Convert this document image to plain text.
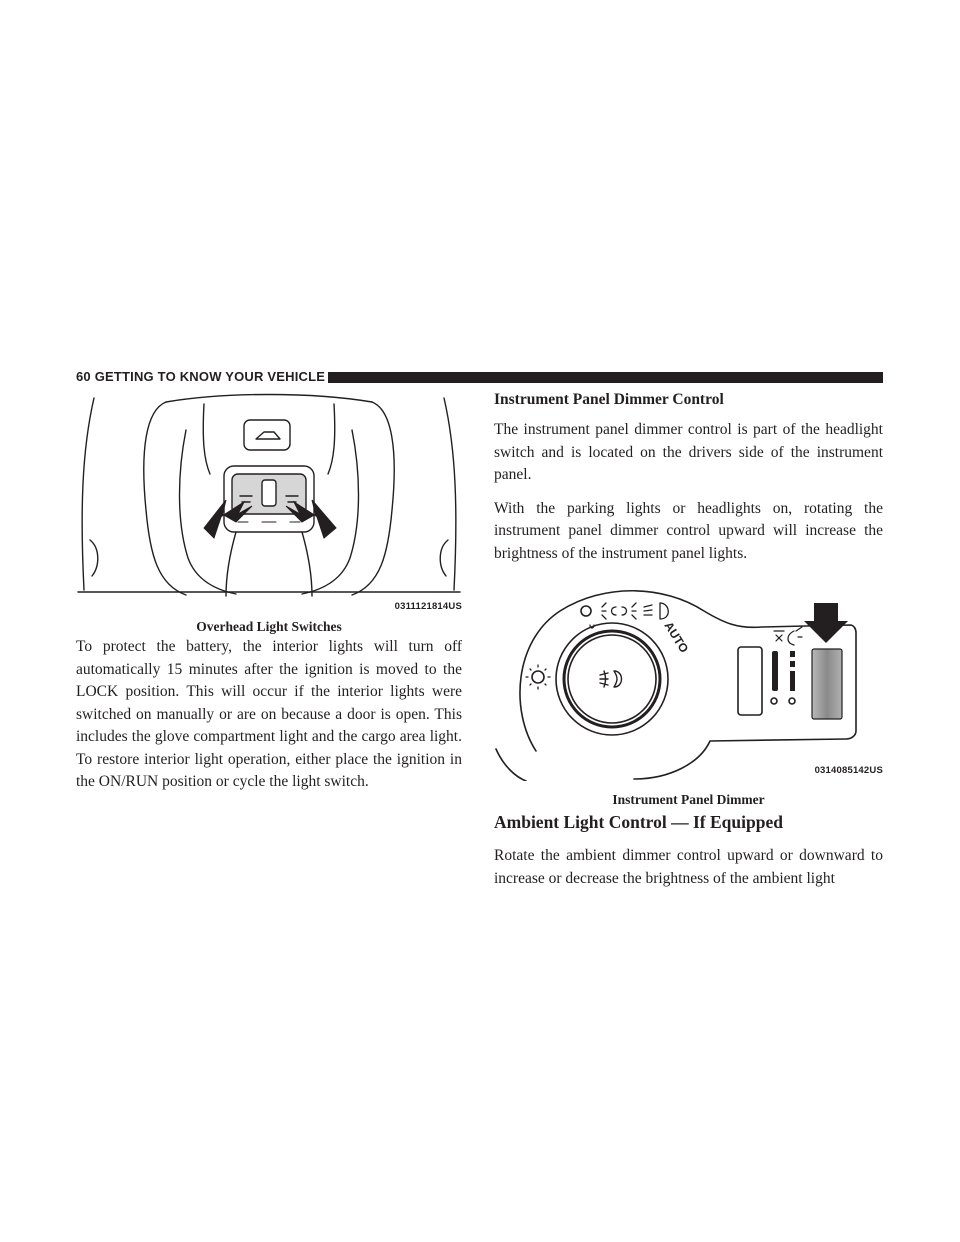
60 GETTING TO KNOW YOUR VEHICLE
0311121814US

Overhead Light Switches

To protect the battery, the interior lights will turn off automatically 15 minutes after the ignition is moved to the LOCK position. This will occur if the interior lights were switched on manually or are on because a door is open. This includes the glove compartment light and the cargo area light. To restore interior light operation, either place the ignition in the ON/RUN position or cycle the light switch.

Instrument Panel Dimmer Control

The instrument panel dimmer control is part of the headlight switch and is located on the drivers side of the instrument panel.

With the parking lights or headlights on, rotating the instrument panel dimmer control upward will increase the brightness of the instrument panel lights.

AUTO
0314085142US

Instrument Panel Dimmer

Ambient Light Control — If Equipped

Rotate the ambient dimmer control upward or downward to increase or decrease the brightness of the ambient light
